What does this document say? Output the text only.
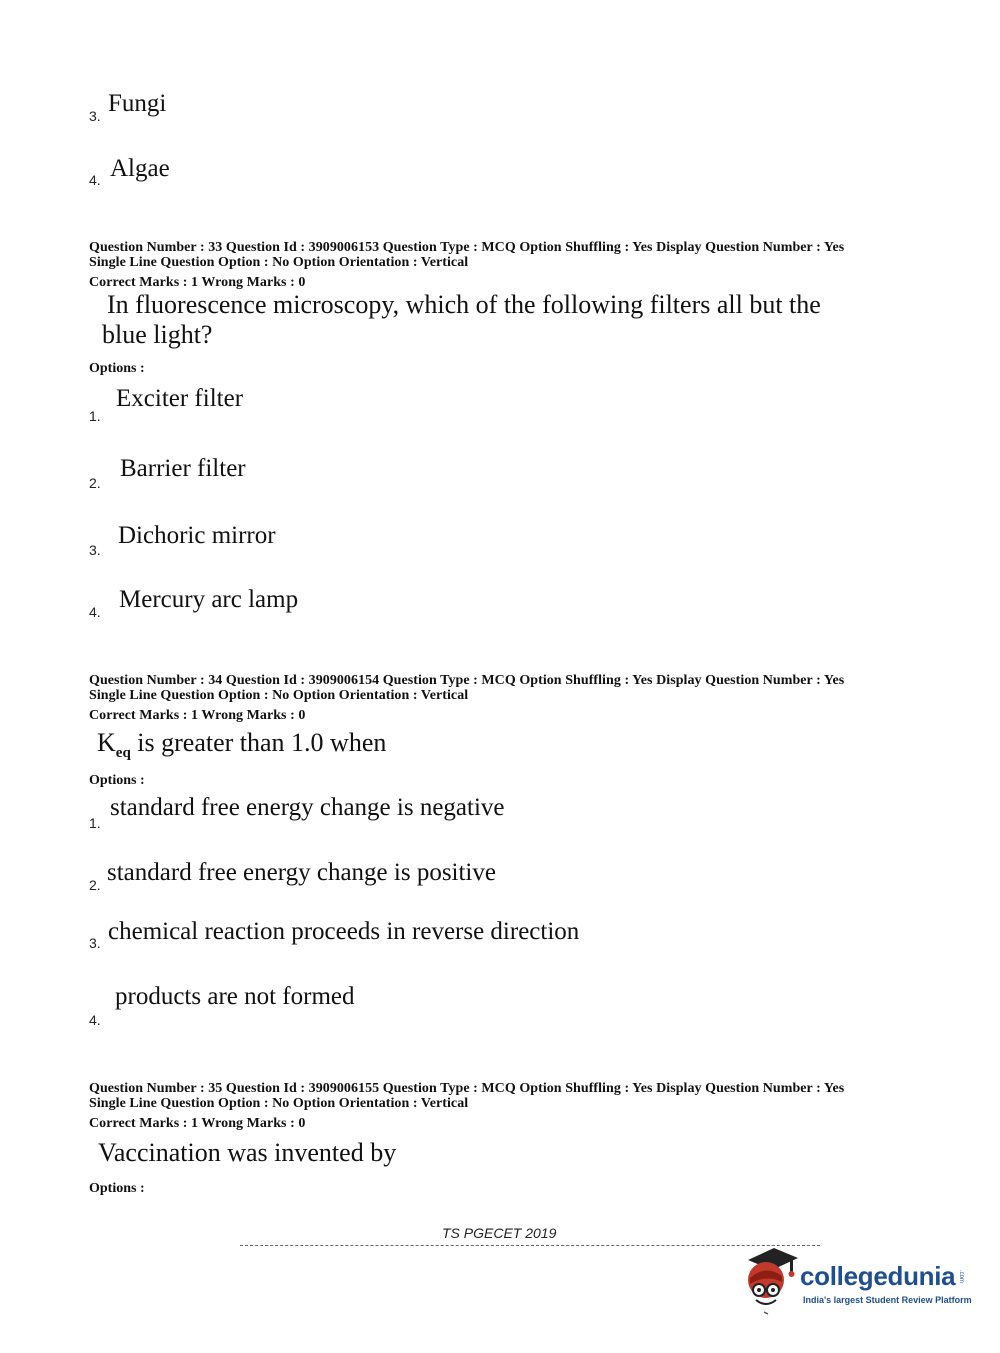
3. Fungi
4. Algae
Question Number : 33 Question Id : 3909006153 Question Type : MCQ Option Shuffling : Yes Display Question Number : Yes
Single Line Question Option : No Option Orientation : Vertical
Correct Marks : 1 Wrong Marks : 0
In fluorescence microscopy, which of the following filters all but the blue light?
Options :
1.
Exciter filter
2.
Barrier filter
3.
Dichoric mirror
4. Mercury arc lamp
Question Number : 34 Question Id : 3909006154 Question Type : MCQ Option Shuffling : Yes Display Question Number : Yes
Single Line Question Option : No Option Orientation : Vertical
Correct Marks : 1 Wrong Marks : 0
$K_{eq}$ is greater than 1.0 when
Options :
1.
standard free energy change is negative
2. standard free energy change is positive
3. chemical reaction proceeds in reverse direction
4.
products are not formed
Question Number : 35 Question Id : 3909006155 Question Type : MCQ Option Shuffling : Yes Display Question Number : Yes
Single Line Question Option : No Option Orientation : Vertical
Correct Marks : 1 Wrong Marks : 0
Vaccination was invented by
Options :
TS PGECET 2019
collegedunia .com
India's largest Student Review Platform
